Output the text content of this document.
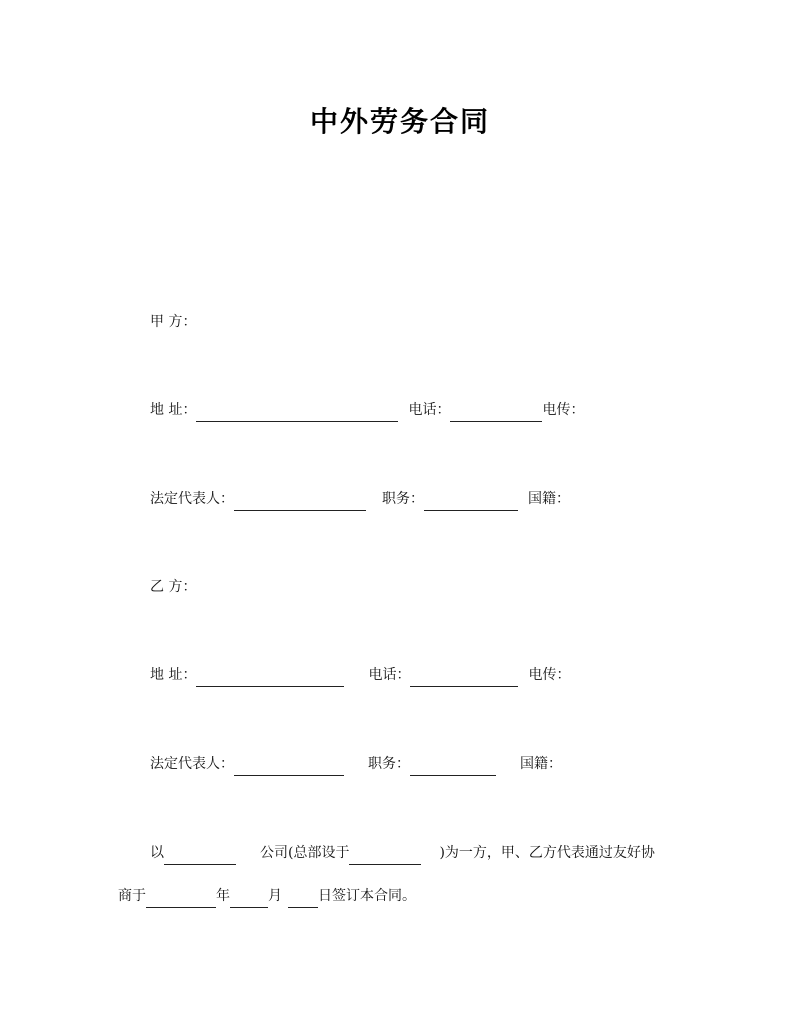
中外劳务合同
甲 方：
地 址：	电话：	电传：
法定代表人：	职务：	国籍：
乙 方：
地 址：	电话：	电传：
法定代表人：	职务：	国籍：
以	公司(总部设于	)为一方，甲、乙方代表通过友好协
商于	年	月	日签订本合同。
